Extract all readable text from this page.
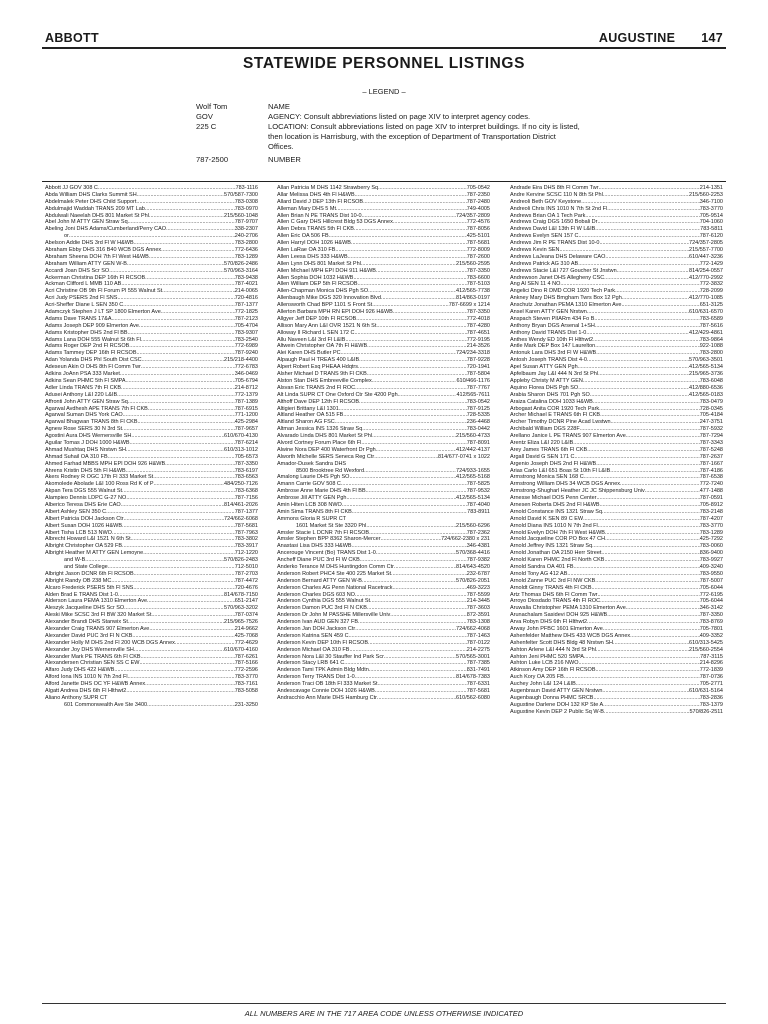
ABBOTT	AUGUSTINE 147
STATEWIDE PERSONNEL LISTINGS
– LEGEND –
Wolf Tom	NAME
GOV	AGENCY: Consult abbreviations listed on page XIV to interpret agency codes.
225 C	LOCATION: Consult abbreviations listed on page XIV to interpret buildings. If no city is listed, then location is Harrisburg, with the exception of Department of Transportation District Offices.
787-2500	NUMBER
Abbott JJ GOV 308 C .....	783-1116
Abda William DHS Clarks Summit SH .....	570/587-7300
Abdelmalek Peter DHS Child Support .....	783-0308
Abdulmajid Waddah TRANS 209 MT Lab .....	783-0970
Abdulwali Naeelah DHS 801 Market St Phl .....	215/560-1048
Abel John M ATTY GEN Straw Sq .....	787-9707
Abeling Joni DHS Adams/Cumberland/Perry CAO .....	338-2307
or .....	240-2706
Abelson Addie DHS 3rd Fl W H&WB .....	783-2800
Abraham Ebby DHS 316 B40 WCB DGS Annex .....	772-6436
Abraham Sheena DOH 7th Fl West H&WB .....	783-1289
Abraham William ATTY GEN W-B .....	570/826-2486
Accardi Joan DHS Scr SO .....	570/963-3164
Ackerman Christina DEP 16th Fl RCSOB .....	783-9438
Ackman Clifford L MMB 110 AB .....	787-4021
Acri Christine OB 9th Fl Forum Pl 555 Walnut St .....	214-0065
Acri Judy PSERS 2nd Fl SNS .....	720-4816
Acri-Sheffer Diane L SEN 350 C .....	787-1377
Adamczyk Stephen J LT SP 1800 Elmerton Ave .....	772-1825
Adams Dave TRANS 17&A .....	787-2123
Adams Joseph DEP 909 Elmerton Ave .....	705-4704
Adams Kristopher DHS 2nd Fl BB .....	783-9307
Adams Lana DOH 555 Walnut St 6th Fl .....	783-2540
Adams Roger DEP 2nd Fl RCSOB .....	772-6989
Adams Tammey DEP 16th Fl RCSOB .....	787-9240
Adan Yolanda DHS Phl South Dist CSC .....	215/218-4400
Adeseun Akin O DHS 8th Fl Comm Twr .....	772-6783
Adkins JoAnn PSA 333 Market .....	346-0469
Adkins Sean PHMC 5th Fl SMPA .....	705-6794
Adler Linda TRANS 7th Fl CKB .....	214-8712
Adusei Anthony L&I 220 L&IB .....	772-1379
Affronti John ATTY GEN Straw Sq .....	787-1389
Agarwal Avdhesh APE TRANS 7th Fl CKB .....	787-6915
Agarwal Suman DHS York CAO .....	771-1200
Agarwal Bhagwan TRANS 8th Fl CKB .....	425-2984
Agnew Rose SERS 30 N 3rd St .....	787-9657
Agostini Aura DHS Wernersville SH .....	610/670-4130
Aguilar Tomas J DOH 1000 H&WB .....	787-6214
Ahmad Mushtaq DHS Nrstwn SH .....	610/313-1012
Ahmad Suhail OA 310 FB .....	705-6573
Ahmed Farhad MBBS MPH EPI DOH 926 H&WB .....	787-3350
Ahrens Kristin DHS 5th Fl H&WB .....	783-6197
Akers Rodney R OGC 17th Fl 333 Market St .....	783-6563
Akomolede Abolade L&I 100 Ross Rd K of P .....	484/250-7126
Akpan Tera DGS 555 Walnut St .....	783-6368
Alampieo Dennis LDPC G-27 NO .....	787-7156
Alberico Teresa DHS Erie CAO .....	814/461-2026
Albert Ashley SEN 350 C .....	787-1377
Albert Patricia DOH Jackson Ctr .....	724/662-6068
Albert Susan DOH 1026 H&WB .....	787-5681
Albert Tisha LCB 513 NWO .....	787-7963
Albrecht Howard L&I 1521 N 6th St .....	783-3802
Albright Christopher OA 529 FB .....	783-3917
Albright Heather M ATTY GEN Lemoyne .....	712-1220
and W-B .....	570/826-2483
and State College .....	712-5010
Albright Jason DCNR 6th Fl RCSOB .....	787-2703
Albright Randy OB 238 MC .....	787-4472
Alcaro Frederick PSERS 5th Fl SNS .....	720-4676
Alden Brad E TRANS Dist 1-0 .....	814/678-7150
Alderson Laura PEMA 1310 Elmerton Ave .....	651-2147
Aleszyk Jacqueline DHS Scr SO .....	570/963-3202
Aleski Mike SCSC 3rd Fl BW 320 Market St .....	787-0374
Alexander Brandi DHS Stanwix St .....	215/965-7526
Alexander Craig TRANS 907 Elmerton Ave .....	214-9662
Alexander David PUC 3rd Fl N CKB .....	425-7068
Alexander Holly M DHS 2nd Fl 200 WCB DGS Annex .....	772-4629
Alexander Joy DHS Wernersville SH .....	610/670-4160
Alexander Mark PE TRANS 6th Fl CKB .....	787-6261
Alexandersen Christian SEN SS C EW .....	787-5166
Alfaro Judy DHS 422 H&WB .....	772-2596
Alford Iona INS 1010 N 7th 2nd Fl .....	783-3770
Alford Janette DHS OC YF H&WB Annex .....	783-7161
Algatt Andrea DHS 6th Fl Hlthwt2 .....	783-5058
Aliano Anthony SUPR CT
601 Commonwealth Ave Ste 3400 .....	231-3250
Allan Patricia M DHS 1142 Strawberry Sq .....	705-0542
Allar Melissa DHS 4th Fl H&WB .....	787-2350
Allard David J DEP 13th Fl RCSOB .....	787-2480
Alleman Mary DHS 5 Mt .....	749-4005
Allen Brian N PE TRANS Dist 10-0 .....	724/357-2809
Allen C Gary DHS Hillcrest Bldg 53 DGS Annex .....	772-4576
Allen Debra TRANS 5th Fl CKB .....	787-8056
Allen Eric OA 506 FB .....	425-5101
Allen Harryl DOH 1026 H&WB .....	787-5681
Allen LaRae OA 310 FB .....	772-8009
Allen Leesa DHS 333 H&WB .....	787-2600
Allen Lynn DHS 801 Market St Phl .....	215/560-2595
Allen Michael MPH EPI DOH 911 H&WB .....	787-3350
Allen Sophia DOH 1032 H&WB .....	783-6600
Allen William DEP 5th Fl RCSOB .....	787-5103
Allen-Chapman Monica DHS Pgh SO .....	412/565-7738
Allenbaugh Mike DGS 320 Innovation Blvd .....	814/863-0197
Allensworth Chad BPP 1101 S Front St .....	787-6699 x 1214
Allerton Barbara MPH RN EPI DOH 926 H&WB .....	787-3350
Allgyer Jeff DEP 10th Fl RCSOB .....	772-4018
Allison Mary Ann L&I OVR 1521 N 6th St .....	787-4280
Alloway II Richard L SEN 172 C .....	787-4651
Allu Naveen L&I 3rd Fl L&IB .....	772-9195
Altwein Christopher OA 7th Fl H&WB .....	214-3526
Alei Karen DHS Butler PC .....	724/234-3318
Alpaugh Paul H TREAS 400 L&IB .....	787-9228
Alpert Robert Esq PHEAA Hdqtrs .....	720-1941
Alsher Michael D TRANS 9th Fl CKB .....	787-5804
Alston Stan DHS Embreeville Complex .....	610/466-1176
Alsvan Eric TRANS 2nd Fl ROC .....	787-7767
Alt Linda SUPR CT One Oxford Ctr Ste 4200 Pgh .....	412/565-7611
Althoff Dave DEP 12th Fl RCSOB .....	783-0542
Altigieri Brittany L&I 1301 .....	787-9125
Altland Heather OA 515 FB .....	728-5335
Altland Sharon AG FSC .....	236-4468
Altman Jessica INS 1326 Straw Sq .....	783-0442
Alvarado Linda DHS 801 Market St Phl .....	215/560-4733
Alvord Cortney Forum Place 6th Fl .....	787-8091
Alwine Nora DEP 400 Waterfront Dr Pgh .....	412/442-4137
Alworth Michelle SERS Seneca Reg Ctr .....	814/677-0741 x 1022
Amador-Dusek Sandra DHS
8500 Brooktree Rd Wexford .....	724/933-1655
Amalong Laurie DHS Pgh SO .....	412/565-5168
Amann Carrie GOV 508 C .....	787-5825
Ambrose Anne Marie DHS 4th Fl BB .....	787-9532
Ambrose Jill ATTY GEN Pgh .....	412/565-5134
Amin Hiten LCB 308 NWO .....	787-4040
Amin Sima TRANS 8th Fl CKB .....	783-8911
Ammons Gloria R SUPR CT
1601 Market St Ste 3320 Phl .....	215/560-6296
Amsler Stacie L DCNR 7th Fl RCSOB .....	787-2362
Amsler Stephen BPP 8362 Sharon-Mercer .....	724/662-2380 x 231
Anastasi Lisa DHS 333 H&WB .....	346-4381
Ancerouge Vincent (Bo) TRANS Dist 1-0 .....	570/368-4416
Ancheff Diane PUC 3rd Fl W CKB .....	787-9382
Anderko Terance M DHS Huntingdon Comm Ctr .....	814/643-4520
Anderson Robert PHC4 Ste 400 225 Market St .....	232-6787
Anderson Bernard ATTY GEN W-B .....	570/826-2051
Anderson Charles AG Penn National Racetrack .....	469-3223
Anderson Charles DGS 603 NO .....	787-5599
Anderson Cynthia DGS 555 Walnut St .....	214-3445
Anderson Damon PUC 3rd Fl N CKB .....	787-3603
Anderson Dr John M PASSHE Millersville Univ .....	872-3591
Anderson Ivan AUD GEN 327 FB .....	783-1308
Anderson Jan DOH Jackson Ctr .....	724/662-4068
Anderson Katrina SEN 459 C .....	787-1463
Anderson Kevin DEP 10th Fl RCSOB .....	787-0122
Anderson Michael OA 310 FB .....	214-2275
Anderson Nora L&I 30 Stauffer Ind Park Scr .....	570/565-3001
Anderson Stacy LRB 641 C .....	787-7385
Anderson Tami TPK Admin Bldg Mdtn .....	831-7491
Anderson Terry TRANS Dist 1-0 .....	814/678-7383
Anderson Traci OB 18th Fl 333 Market St .....	787-6331
Andescavage Connie DOH 1026 H&WB .....	787-5681
Andracchio Ann Marie DHS Hamburg Ctr .....	610/562-6080
Andrade Eira DHS 8th Fl Comm Twr .....	214-1351
Andre Kervine SCSC 110 N 8th St Phl .....	215/560-2253
Andreoli Beth GOV Keystone .....	346-7100
Andreoli Chris INS 1010 N 7th St 2nd Fl .....	783-3770
Andrews Brian OA 1 Tech Park .....	705-9514
Andrews Craig DGS 1650 Bobali Dr .....	704-1060
Andrews David L&I 13th Fl W L&IB .....	783-5811
Andrews Evelyn SEN 157 C .....	787-6120
Andrews Jim R PE TRANS Dist 10-0 .....	724/357-2805
Andrews Kevin SEN .....	215/557-7700
Andrews LaJeana DHS Delaware CAO .....	610/447-3236
Andrews Patrick AG 310 AB .....	772-1429
Andrews Stacie L&I 727 Goucher St Jnstwn .....	814/254-0557
Andrewson Janet DHS Allegheny CSC .....	412/770-2992
Ang Al SEN 11 4 NO .....	772-3832
Angelici Dino R DMD COR 1920 Tech Park .....	728-2099
Ankney Mary DHS Bmgham Twrs Box 12 Pgh .....	412/770-1085
Anschutz Jonathan PEMA 1310 Elmerton Ave .....	651-3125
Ansel Karen ATTY GEN Nrstwn .....	610/631-6570
Anspach Steven PIIARm 434 Fo B .....	783-6589
Anthony Bryan DGS Arsenal 1+SH .....	787-5616
Anthony David TRANS Dist 1-0 .....	412/429-4861
Anthes Wendy ED 10th Fl Hlthwt2 .....	783-9864
Antle Mark DEP Box 147 Laurelton .....	922-1088
Antonuk Lara DHS 3rd Fl W H&WB .....	783-2800
Antosh Joseph TRANS Dist 4-0 .....	570/963-3501
Apel Susan ATTY GEN Pgh .....	412/565-5134
Apfelbaum Jay L&I 444 N 3rd St Phl .....	215/965-3736
Appleby Christy M ATTY GEN .....	783-6048
Aquino Florea DHS Pgh SO .....	412/880-6536
Arabia Sharon DHS 701 Pgh SO .....	412/565-0183
Araiza Catalina DOH 1033 H&WB .....	783-0479
Arbogast Anita COR 1920 Tech Park .....	728-0345
Archer Michael E TRANS 6th Fl CKB .....	705-4184
Archer Timothy DCNR Pine Acad Lwstwn .....	247-3751
Archibald William DGS 228F .....	787-5932
Arellano Janice L PE TRANS 907 Elmerton Ave .....	787-7294
Arentz Eliza L&I 220 L&IB .....	787-3343
Arey James TRANS 6th Fl CKB .....	787-5248
Argall David G SEN 171 C .....	787-2637
Argenio Joseph DHS 2nd Fl H&WB .....	787-1667
Arias Carlo L&I 651 Boas St 10th Fl L&IB .....	787-4186
Armstrong Monica SEN 168 C .....	787-6538
Armstrong William DHS 34 WCB DGS Annex .....	772-7240
Armstrong-Shugharl Heather JC JC Shippensburg Univ .....	477-1488
Arnesse Michael DOS Penn Center .....	787-0591
Arnesen Roberta DHS 2nd Fl H&WB .....	705-8912
Arnold Constance INS 1321 Straw Sq .....	783-2148
Arnold David K SEN 89 C EW .....	787-4207
Arnold Diana INS 1010 N 7th 2nd Fl .....	783-3770
Arnold Evelyn DOH 7th Fl West H&WB .....	783-1289
Arnold Jacqueline COR PO Box 47 CH .....	425-7292
Arnold Jeffrey INS 1321 Straw Sq .....	783-0060
Arnold Jonathan OA 2150 Herr Street .....	836-9400
Arnold Karen PHMC 2nd Fl North CKB .....	783-9927
Arnold Sandra OA 401 FB .....	409-3240
Arnold Tony AG 412 AB .....	783-9550
Arnold Zanne PUC 3rd Fl NW CKB .....	787-5007
Arnoldt Ginny TRANS 4th Fl CKB .....	705-6044
Artz Thomas DHS 6th Fl Comm Twr .....	772-6195
Arroyo Diosdado TRANS 4th Fl ROC .....	705-6044
Aruwalia Christopher PEMA 1310 Elmerton Ave .....	346-3142
Arunachalam Sasidevi DOH 925 H&WB .....	787-3350
Arva Robyn DHS 6th Fl Hlthwt2 .....	783-8769
Arway John PFBC 1601 Elmerton Ave .....	705-7801
Ashenfelder Matthew DHS 433 WCB DGS Annex .....	409-3352
Ashenfelter Scott DHS Bldg 48 Nrstwn SH .....	610/313-5425
Ashton Arlene L&I 444 N 3rd St Phl .....	215/560-2554
Ashton Jeni PHMC 520 SMPA .....	787-3115
Ashton Luke LCB 216 NWO .....	214-8296
Atkinson Amy DEP 16th Fl RCSOB .....	772-1839
Auch Kory OA 205 FB .....	787-0736
Auchey John L&I 124 L&IB .....	705-2771
Augenbraun David ATTY GEN Nrstwn .....	610/631-5164
Augenbaugh Donna PHMC SRCB .....	783-2836
Augustine Darlene DOH 132 KP Ste A .....	783-1379
Augustine Kevin DEP 2 Public Sq W-B .....	570/826-2511
ALL NUMBERS ARE IN THE 717 AREA CODE UNLESS OTHERWISE INDICATED
